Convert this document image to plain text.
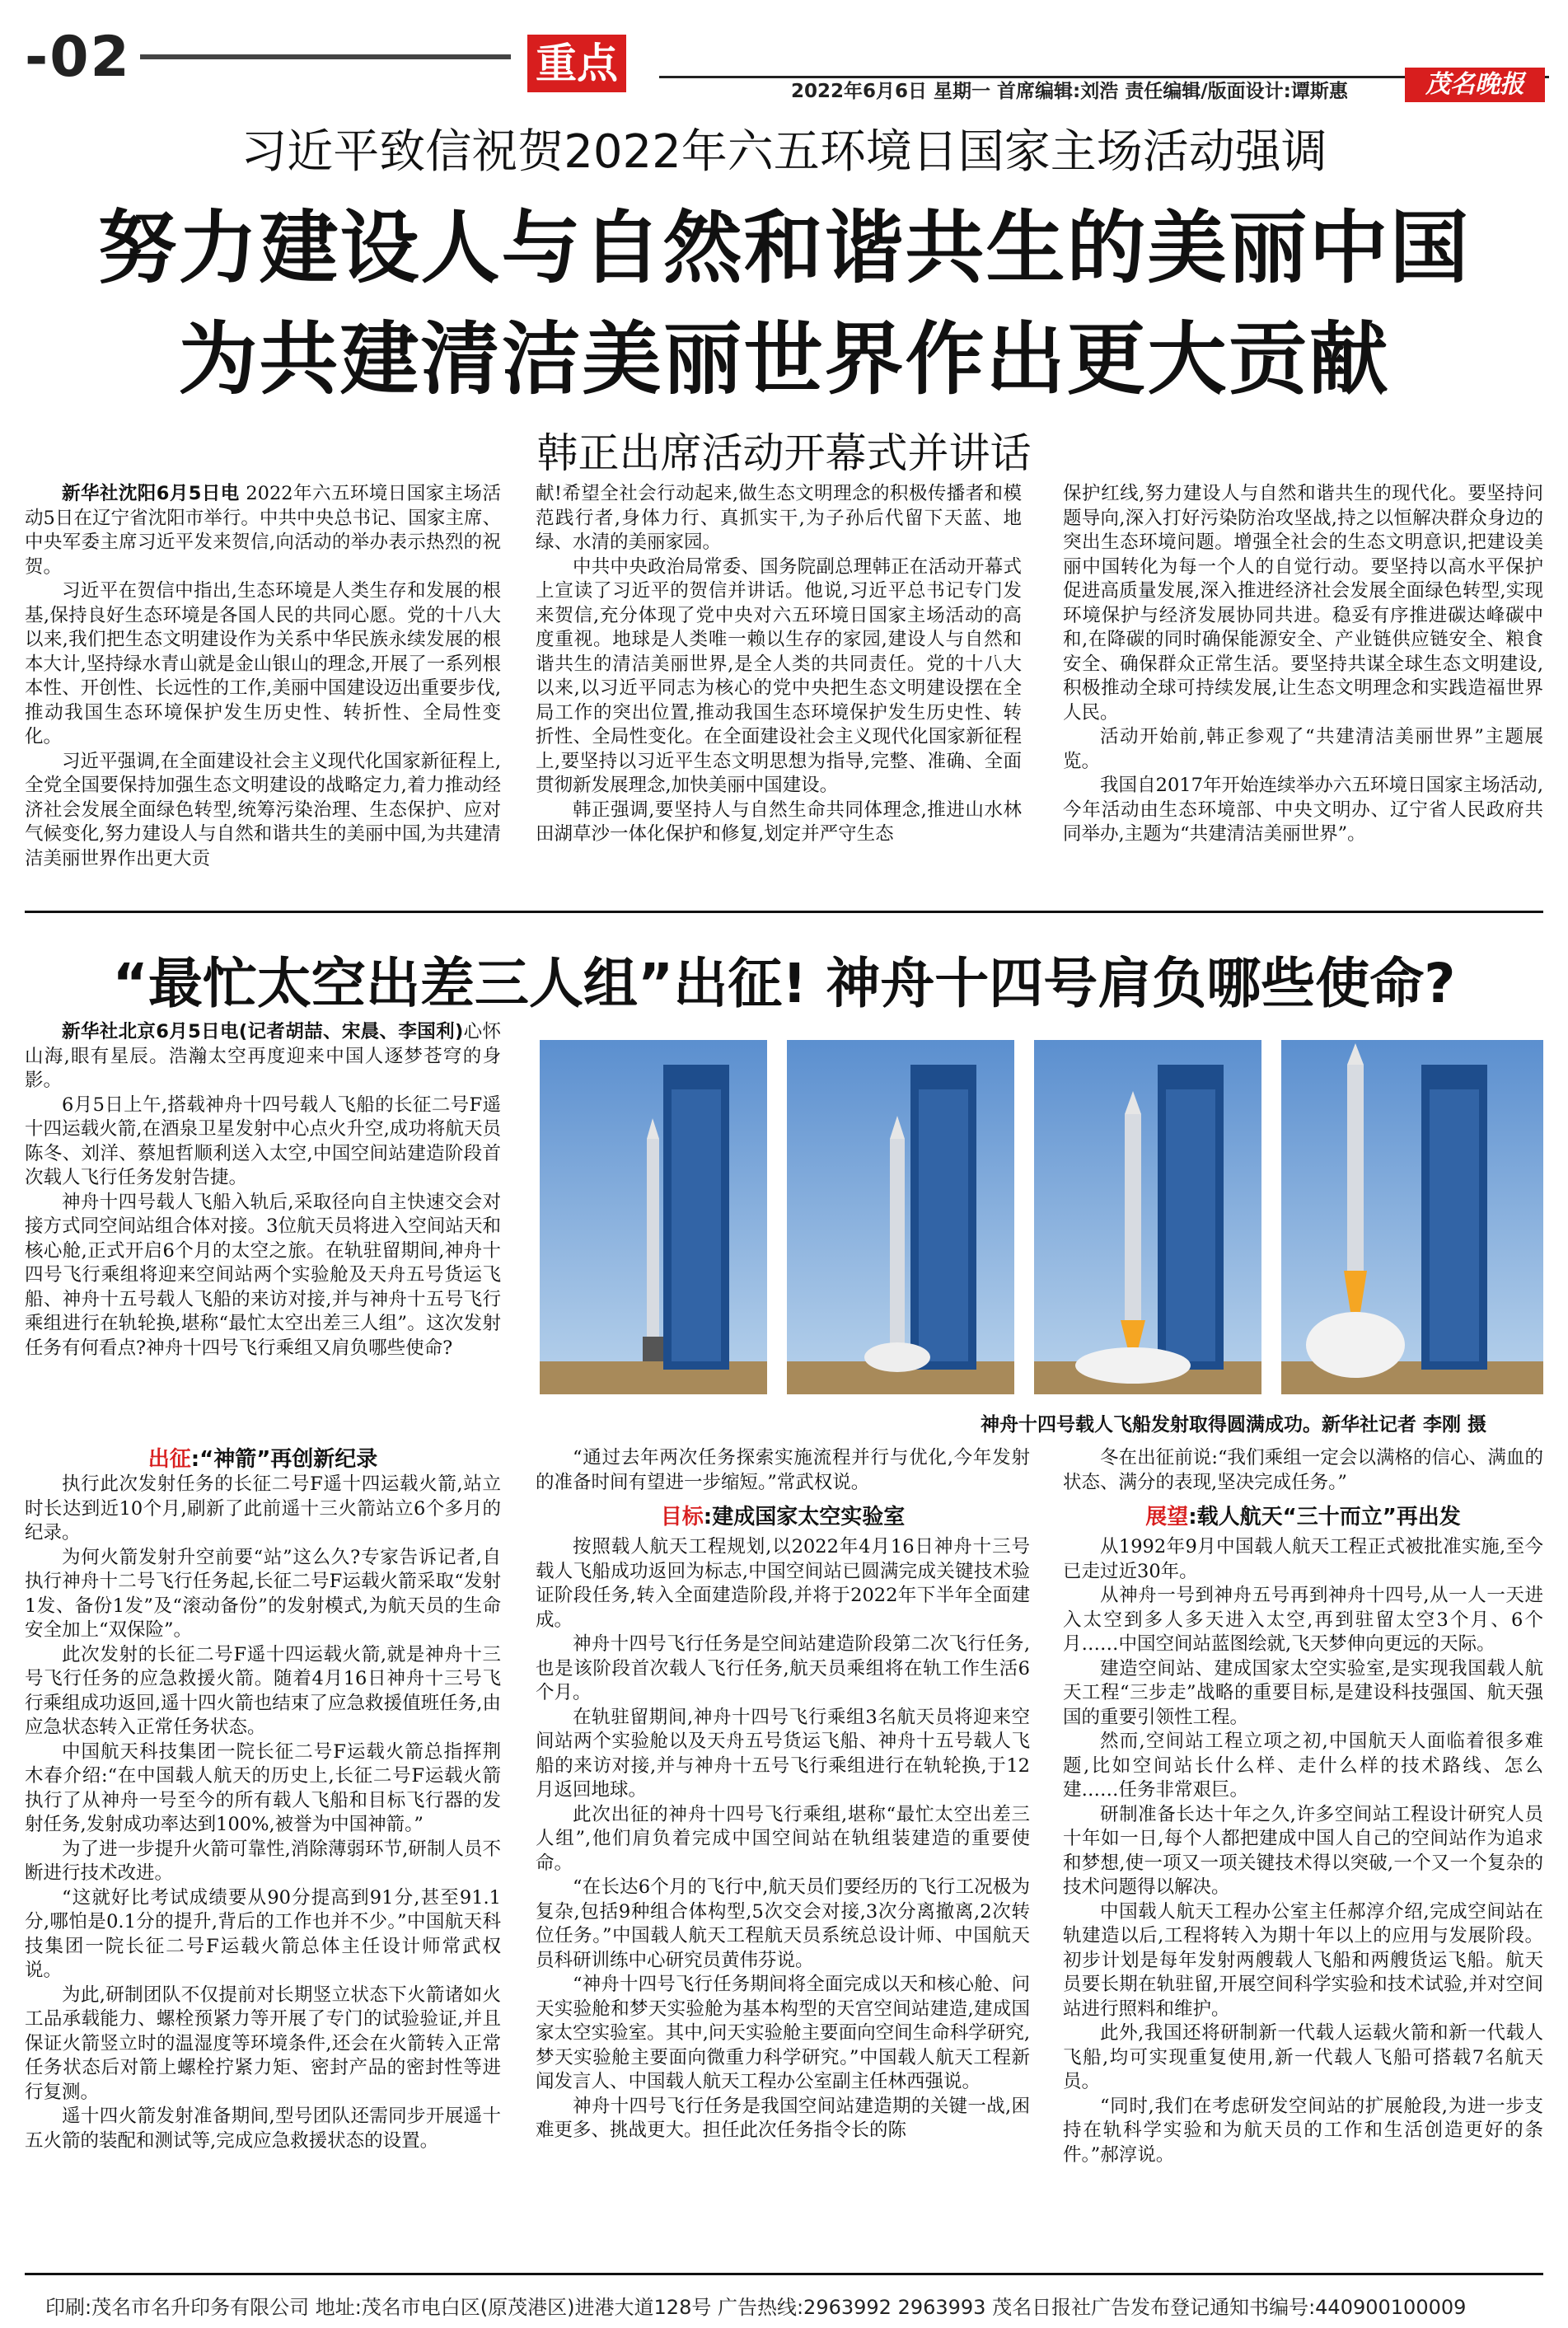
-02	重点
2022年6月6日 星期一 首席编辑:刘浩 责任编辑/版面设计:谭斯惠	茂名晚报
习近平致信祝贺2022年六五环境日国家主场活动强调
努力建设人与自然和谐共生的美丽中国
为共建清洁美丽世界作出更大贡献
韩正出席活动开幕式并讲话

新华社沈阳6月5日电 2022年六五环境日国家主场活动5日在辽宁省沈阳市举行。中共中央总书记、国家主席、中央军委主席习近平发来贺信,向活动的举办表示热烈的祝贺。

习近平在贺信中指出,生态环境是人类生存和发展的根基,保持良好生态环境是各国人民的共同心愿。党的十八大以来,我们把生态文明建设作为关系中华民族永续发展的根本大计,坚持绿水青山就是金山银山的理念,开展了一系列根本性、开创性、长远性的工作,美丽中国建设迈出重要步伐,推动我国生态环境保护发生历史性、转折性、全局性变化。

习近平强调,在全面建设社会主义现代化国家新征程上,全党全国要保持加强生态文明建设的战略定力,着力推动经济社会发展全面绿色转型,统筹污染治理、生态保护、应对气候变化,努力建设人与自然和谐共生的美丽中国,为共建清洁美丽世界作出更大贡

献!希望全社会行动起来,做生态文明理念的积极传播者和模范践行者,身体力行、真抓实干,为子孙后代留下天蓝、地绿、水清的美丽家园。

中共中央政治局常委、国务院副总理韩正在活动开幕式上宣读了习近平的贺信并讲话。他说,习近平总书记专门发来贺信,充分体现了党中央对六五环境日国家主场活动的高度重视。地球是人类唯一赖以生存的家园,建设人与自然和谐共生的清洁美丽世界,是全人类的共同责任。党的十八大以来,以习近平同志为核心的党中央把生态文明建设摆在全局工作的突出位置,推动我国生态环境保护发生历史性、转折性、全局性变化。在全面建设社会主义现代化国家新征程上,要坚持以习近平生态文明思想为指导,完整、准确、全面贯彻新发展理念,加快美丽中国建设。

韩正强调,要坚持人与自然生命共同体理念,推进山水林田湖草沙一体化保护和修复,划定并严守生态

保护红线,努力建设人与自然和谐共生的现代化。要坚持问题导向,深入打好污染防治攻坚战,持之以恒解决群众身边的突出生态环境问题。增强全社会的生态文明意识,把建设美丽中国转化为每一个人的自觉行动。要坚持以高水平保护促进高质量发展,深入推进经济社会发展全面绿色转型,实现环境保护与经济发展协同共进。稳妥有序推进碳达峰碳中和,在降碳的同时确保能源安全、产业链供应链安全、粮食安全、确保群众正常生活。要坚持共谋全球生态文明建设,积极推动全球可持续发展,让生态文明理念和实践造福世界人民。

活动开始前,韩正参观了“共建清洁美丽世界”主题展览。

我国自2017年开始连续举办六五环境日国家主场活动,今年活动由生态环境部、中央文明办、辽宁省人民政府共同举办,主题为“共建清洁美丽世界”。

“最忙太空出差三人组”出征! 神舟十四号肩负哪些使命?

新华社北京6月5日电(记者胡喆、宋晨、李国利)心怀山海,眼有星辰。浩瀚太空再度迎来中国人逐梦苍穹的身影。

6月5日上午,搭载神舟十四号载人飞船的长征二号F遥十四运载火箭,在酒泉卫星发射中心点火升空,成功将航天员陈冬、刘洋、蔡旭哲顺利送入太空,中国空间站建造阶段首次载人飞行任务发射告捷。

神舟十四号载人飞船入轨后,采取径向自主快速交会对接方式同空间站组合体对接。3位航天员将进入空间站天和核心舱,正式开启6个月的太空之旅。在轨驻留期间,神舟十四号飞行乘组将迎来空间站两个实验舱及天舟五号货运飞船、神舟十五号载人飞船的来访对接,并与神舟十五号飞行乘组进行在轨轮换,堪称“最忙太空出差三人组”。这次发射任务有何看点?神舟十四号飞行乘组又肩负哪些使命?

神舟十四号载人飞船发射取得圆满成功。新华社记者 李刚 摄
出征:“神箭”再创新纪录

执行此次发射任务的长征二号F遥十四运载火箭,站立时长达到近10个月,刷新了此前遥十三火箭站立6个多月的纪录。

为何火箭发射升空前要“站”这么久?专家告诉记者,自执行神舟十二号飞行任务起,长征二号F运载火箭采取“发射1发、备份1发”及“滚动备份”的发射模式,为航天员的生命安全加上“双保险”。

此次发射的长征二号F遥十四运载火箭,就是神舟十三号飞行任务的应急救援火箭。随着4月16日神舟十三号飞行乘组成功返回,遥十四火箭也结束了应急救援值班任务,由应急状态转入正常任务状态。

中国航天科技集团一院长征二号F运载火箭总指挥荆木春介绍:“在中国载人航天的历史上,长征二号F运载火箭执行了从神舟一号至今的所有载人飞船和目标飞行器的发射任务,发射成功率达到100%,被誉为中国神箭。”

为了进一步提升火箭可靠性,消除薄弱环节,研制人员不断进行技术改进。

“这就好比考试成绩要从90分提高到91分,甚至91.1分,哪怕是0.1分的提升,背后的工作也并不少。”中国航天科技集团一院长征二号F运载火箭总体主任设计师常武权说。

为此,研制团队不仅提前对长期竖立状态下火箭诸如火工品承载能力、螺栓预紧力等开展了专门的试验验证,并且保证火箭竖立时的温湿度等环境条件,还会在火箭转入正常任务状态后对箭上螺栓拧紧力矩、密封产品的密封性等进行复测。

遥十四火箭发射准备期间,型号团队还需同步开展遥十五火箭的装配和测试等,完成应急救援状态的设置。

“通过去年两次任务探索实施流程并行与优化,今年发射的准备时间有望进一步缩短。”常武权说。

目标:建成国家太空实验室

按照载人航天工程规划,以2022年4月16日神舟十三号载人飞船成功返回为标志,中国空间站已圆满完成关键技术验证阶段任务,转入全面建造阶段,并将于2022年下半年全面建成。

神舟十四号飞行任务是空间站建造阶段第二次飞行任务,也是该阶段首次载人飞行任务,航天员乘组将在轨工作生活6个月。

在轨驻留期间,神舟十四号飞行乘组3名航天员将迎来空间站两个实验舱以及天舟五号货运飞船、神舟十五号载人飞船的来访对接,并与神舟十五号飞行乘组进行在轨轮换,于12月返回地球。

此次出征的神舟十四号飞行乘组,堪称“最忙太空出差三人组”,他们肩负着完成中国空间站在轨组装建造的重要使命。

“在长达6个月的飞行中,航天员们要经历的飞行工况极为复杂,包括9种组合体构型,5次交会对接,3次分离撤离,2次转位任务。”中国载人航天工程航天员系统总设计师、中国航天员科研训练中心研究员黄伟芬说。

“神舟十四号飞行任务期间将全面完成以天和核心舱、问天实验舱和梦天实验舱为基本构型的天宫空间站建造,建成国家太空实验室。其中,问天实验舱主要面向空间生命科学研究,梦天实验舱主要面向微重力科学研究。”中国载人航天工程新闻发言人、中国载人航天工程办公室副主任林西强说。

神舟十四号飞行任务是我国空间站建造期的关键一战,困难更多、挑战更大。担任此次任务指令长的陈

冬在出征前说:“我们乘组一定会以满格的信心、满血的状态、满分的表现,坚决完成任务。”

展望:载人航天“三十而立”再出发

从1992年9月中国载人航天工程正式被批准实施,至今已走过近30年。

从神舟一号到神舟五号再到神舟十四号,从一人一天进入太空到多人多天进入太空,再到驻留太空3个月、6个月……中国空间站蓝图绘就,飞天梦伸向更远的天际。

建造空间站、建成国家太空实验室,是实现我国载人航天工程“三步走”战略的重要目标,是建设科技强国、航天强国的重要引领性工程。

然而,空间站工程立项之初,中国航天人面临着很多难题,比如空间站长什么样、走什么样的技术路线、怎么建……任务非常艰巨。

研制准备长达十年之久,许多空间站工程设计研究人员十年如一日,每个人都把建成中国人自己的空间站作为追求和梦想,使一项又一项关键技术得以突破,一个又一个复杂的技术问题得以解决。

中国载人航天工程办公室主任郝淳介绍,完成空间站在轨建造以后,工程将转入为期十年以上的应用与发展阶段。初步计划是每年发射两艘载人飞船和两艘货运飞船。航天员要长期在轨驻留,开展空间科学实验和技术试验,并对空间站进行照料和维护。

此外,我国还将研制新一代载人运载火箭和新一代载人飞船,均可实现重复使用,新一代载人飞船可搭载7名航天员。

“同时,我们在考虑研发空间站的扩展舱段,为进一步支持在轨科学实验和为航天员的工作和生活创造更好的条件。”郝淳说。

印刷:茂名市名升印务有限公司 地址:茂名市电白区(原茂港区)进港大道128号 广告热线:2963992 2963993 茂名日报社广告发布登记通知书编号:440900100009
